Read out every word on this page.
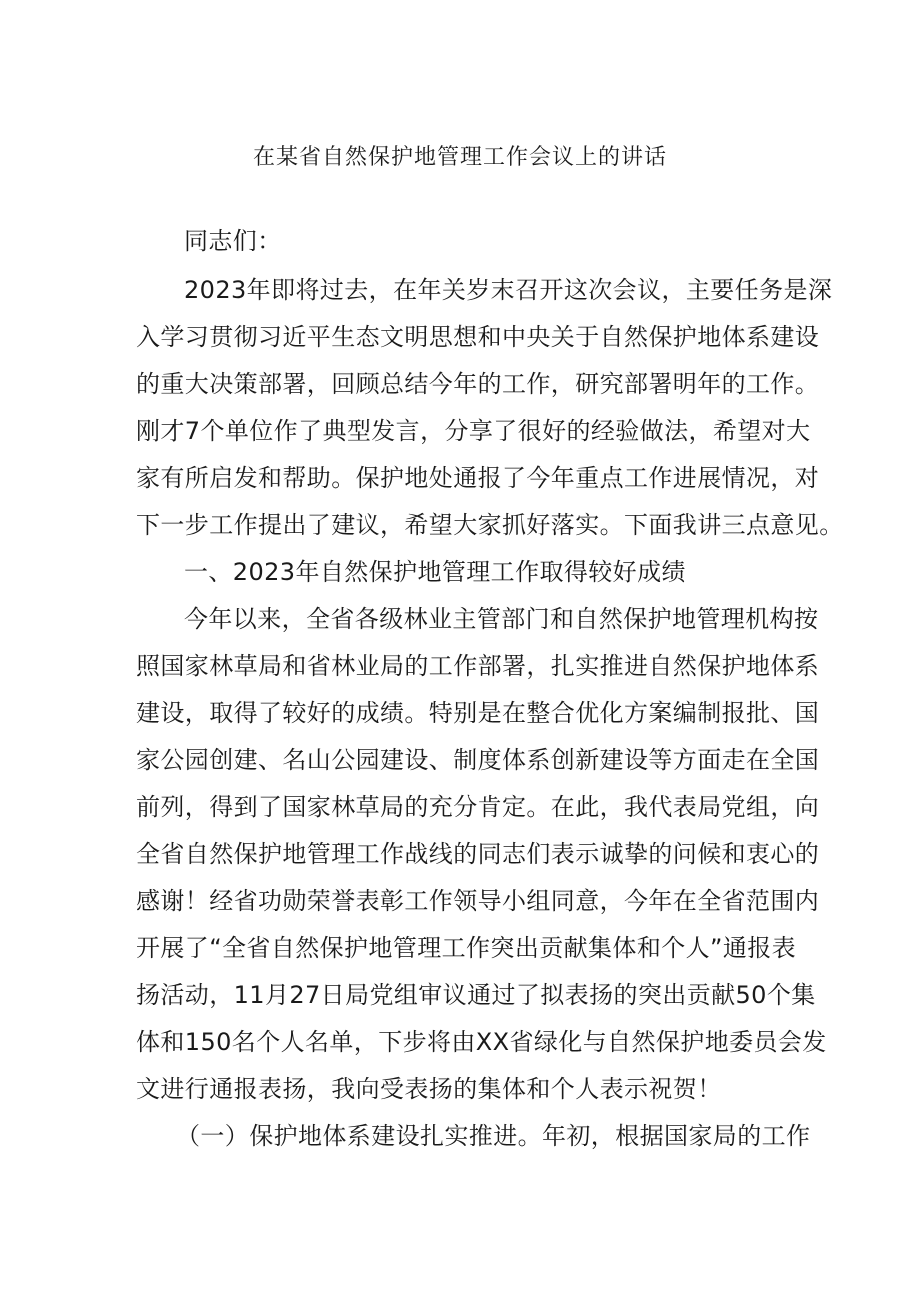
在某省自然保护地管理工作会议上的讲话
同志们：
2023年即将过去，在年关岁末召开这次会议，主要任务是深
入学习贯彻习近平生态文明思想和中央关于自然保护地体系建设
的重大决策部署，回顾总结今年的工作，研究部署明年的工作。
刚才7个单位作了典型发言，分享了很好的经验做法，希望对大
家有所启发和帮助。保护地处通报了今年重点工作进展情况，对
下一步工作提出了建议，希望大家抓好落实。下面我讲三点意见。
一、2023年自然保护地管理工作取得较好成绩
今年以来，全省各级林业主管部门和自然保护地管理机构按
照国家林草局和省林业局的工作部署，扎实推进自然保护地体系
建设，取得了较好的成绩。特别是在整合优化方案编制报批、国
家公园创建、名山公园建设、制度体系创新建设等方面走在全国
前列，得到了国家林草局的充分肯定。在此，我代表局党组，向
全省自然保护地管理工作战线的同志们表示诚挚的问候和衷心的
感谢！经省功勋荣誉表彰工作领导小组同意，今年在全省范围内
开展了“全省自然保护地管理工作突出贡献集体和个人”通报表
扬活动，11月27日局党组审议通过了拟表扬的突出贡献50个集
体和150名个人名单，下步将由XX省绿化与自然保护地委员会发
文进行通报表扬，我向受表扬的集体和个人表示祝贺！
（一）保护地体系建设扎实推进。年初，根据国家局的工作
